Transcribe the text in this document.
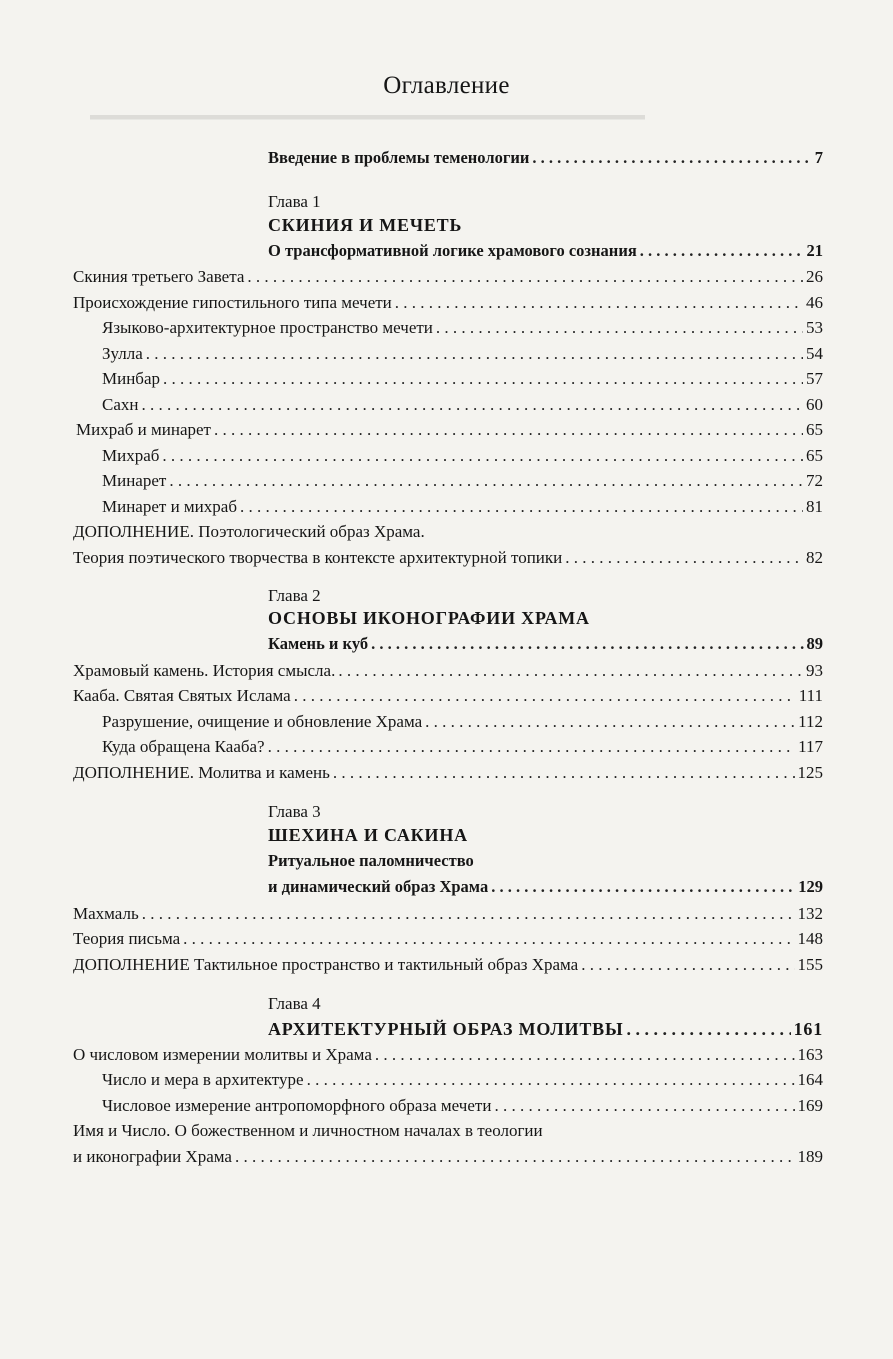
▬▬▬▬▬▬▬▬▬▬▬▬▬▬▬▬▬▬▬▬▬▬▬▬▬▬▬▬▬▬▬▬▬▬▬▬▬
Оглавление
Введение в проблемы теменологии . . .	7
Глава 1
СКИНИЯ И МЕЧЕТЬ
О трансформативной логике храмового сознания . . .	21
Скиния третьего Завета . . .	26
Происхождение гипостильного типа мечети . . .	46
Языково-архитектурное пространство мечети . . .	53
Зулла . . .	54
Минбар . . .	57
Сахн . . .	60
Михраб и минарет . . .	65
Михраб . . .	65
Минарет . . .	72
Минарет и михраб . . .	81
ДОПОЛНЕНИЕ. Поэтологический образ Храма.
Теория поэтического творчества в контексте архитектурной топики . . .	82
Глава 2
ОСНОВЫ ИКОНОГРАФИИ ХРАМА
Камень и куб . . .	89
Храмовый камень. История смысла. . . .	93
Кааба. Святая Святых Ислама . . .	111
Разрушение, очищение и обновление Храма . . .	112
Куда обращена Кааба? . . .	117
ДОПОЛНЕНИЕ. Молитва и камень . . .	125
Глава 3
ШЕХИНА И САКИНА
Ритуальное паломничество
и динамический образ Храма . . .	129
Махмаль . . .	132
Теория письма . . .	148
ДОПОЛНЕНИЕ Тактильное пространство и тактильный образ Храма . . .	155
Глава 4
АРХИТЕКТУРНЫЙ ОБРАЗ МОЛИТВЫ . . .	161
О числовом измерении молитвы и Храма . . .	163
Число и мера в архитектуре . . .	164
Числовое измерение антропоморфного образа мечети . . .	169
Имя и Число. О божественном и личностном началах в теологии
и иконографии Храма . . .	189
